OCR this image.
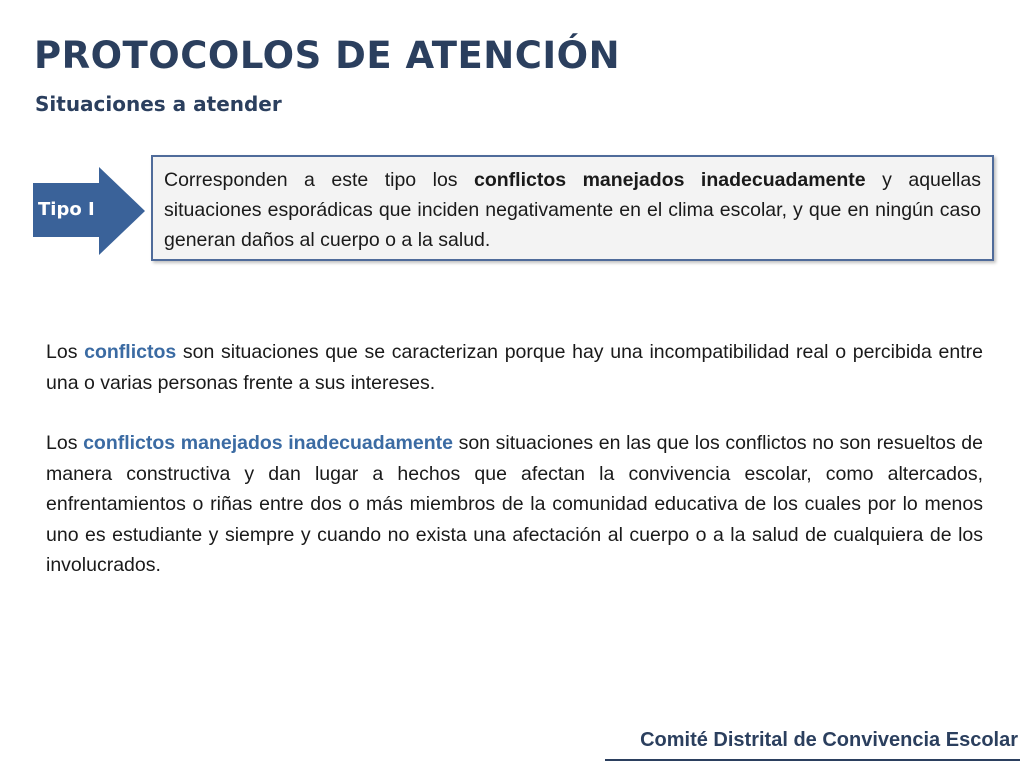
PROTOCOLOS DE ATENCIÓN
Situaciones a atender
Tipo I

Corresponden a este tipo los conflictos manejados inadecuadamente y aquellas situaciones esporádicas que inciden negativamente en el clima escolar, y que en ningún caso generan daños al cuerpo o a la salud.

Los conflictos son situaciones que se caracterizan porque hay una incompatibilidad real o percibida entre una o varias personas frente a sus intereses.

Los conflictos manejados inadecuadamente son situaciones en las que los conflictos no son resueltos de manera constructiva y dan lugar a hechos que afectan la convivencia escolar, como altercados, enfrentamientos o riñas entre dos o más miembros de la comunidad educativa de los cuales por lo menos uno es estudiante y siempre y cuando no exista una afectación al cuerpo o a la salud de cualquiera de los involucrados.

Comité Distrital de Convivencia Escolar
